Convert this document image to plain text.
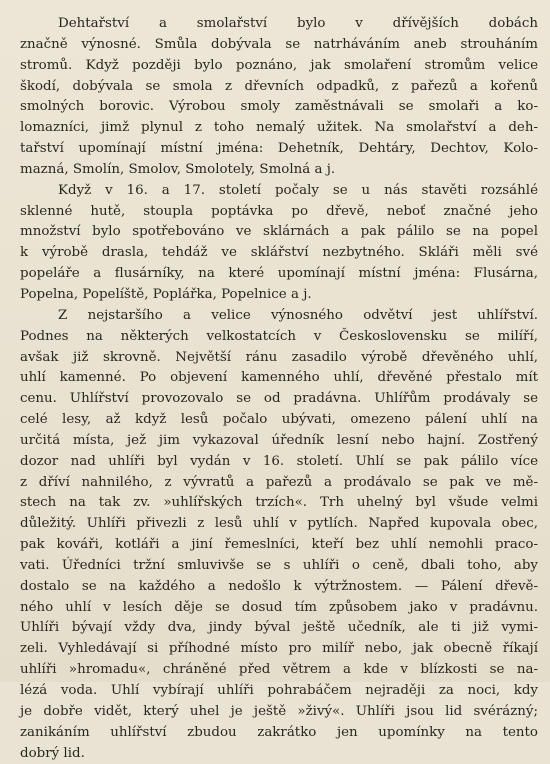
Dehtařství a smolařství bylo v dřívějších dobách
značně výnosné. Smůla dobývala se natrháváním aneb strouháním
stromů. Když později bylo poznáno, jak smolaření stromům velice
škodí, dobývala se smola z dřevních odpadků, z pařezů a kořenů
smolných borovic. Výrobou smoly zaměstnávali se smolaři a ko-
lomazníci, jimž plynul z toho nemalý užitek. Na smolařství a deh-
tařství upomínají místní jména: Dehetník, Dehtáry, Dechtov, Kolo-
mazná, Smolín, Smolov, Smolotely, Smolná a j.
Když v 16. a 17. století počaly se u nás stavěti rozsáhlé
sklenné hutě, stoupla poptávka po dřevě, neboť značné jeho
množství bylo spotřebováno ve sklárnách a pak pálilo se na popel
k výrobě drasla, tehdáž ve sklářství nezbytného. Skláři měli své
popeláře a flusárníky, na které upomínají místní jména: Flusárna,
Popelna, Popelíště, Poplářka, Popelnice a j.
Z nejstaršího a velice výnosného odvětví jest uhlířství.
Podnes na některých velkostatcích v Československu se milíří,
avšak již skrovně. Největší ránu zasadilo výrobě dřevěného uhlí,
uhlí kamenné. Po objevení kamenného uhlí, dřevěné přestalo mít
cenu. Uhlířství provozovalo se od pradávna. Uhlířům prodávaly se
celé lesy, až když lesů počalo ubývati, omezeno pálení uhlí na
určitá místa, jež jim vykazoval úředník lesní nebo hajní. Zostřený
dozor nad uhlíři byl vydán v 16. století. Uhlí se pak pálilo více
z dříví nahnilého, z vývratů a pařezů a prodávalo se pak ve mě-
stech na tak zv. »uhlířských trzích«. Trh uhelný byl všude velmi
důležitý. Uhlíři přivezli z lesů uhlí v pytlích. Napřed kupovala obec,
pak kováři, kotláři a jiní řemeslníci, kteří bez uhlí nemohli praco-
vati. Úředníci tržní smluvivše se s uhlíři o ceně, dbali toho, aby
dostalo se na každého a nedošlo k výtržnostem. — Pálení dřevě-
ného uhlí v lesích děje se dosud tím způsobem jako v pradávnu.
Uhlíři bývají vždy dva, jindy býval ještě učedník, ale ti již vymi-
zeli. Vyhledávají si příhodné místo pro milíř nebo, jak obecně říkají
uhlíři »hromadu«, chráněné před větrem a kde v blízkosti se na-
lézá voda. Uhlí vybírají uhlíři pohrabáčem nejraději za noci, kdy
je dobře vidět, který uhel je ještě »živý«. Uhlíři jsou lid svérázný;
zanikáním uhlířství zbudou zakrátko jen upomínky na tento
dobrý lid.
